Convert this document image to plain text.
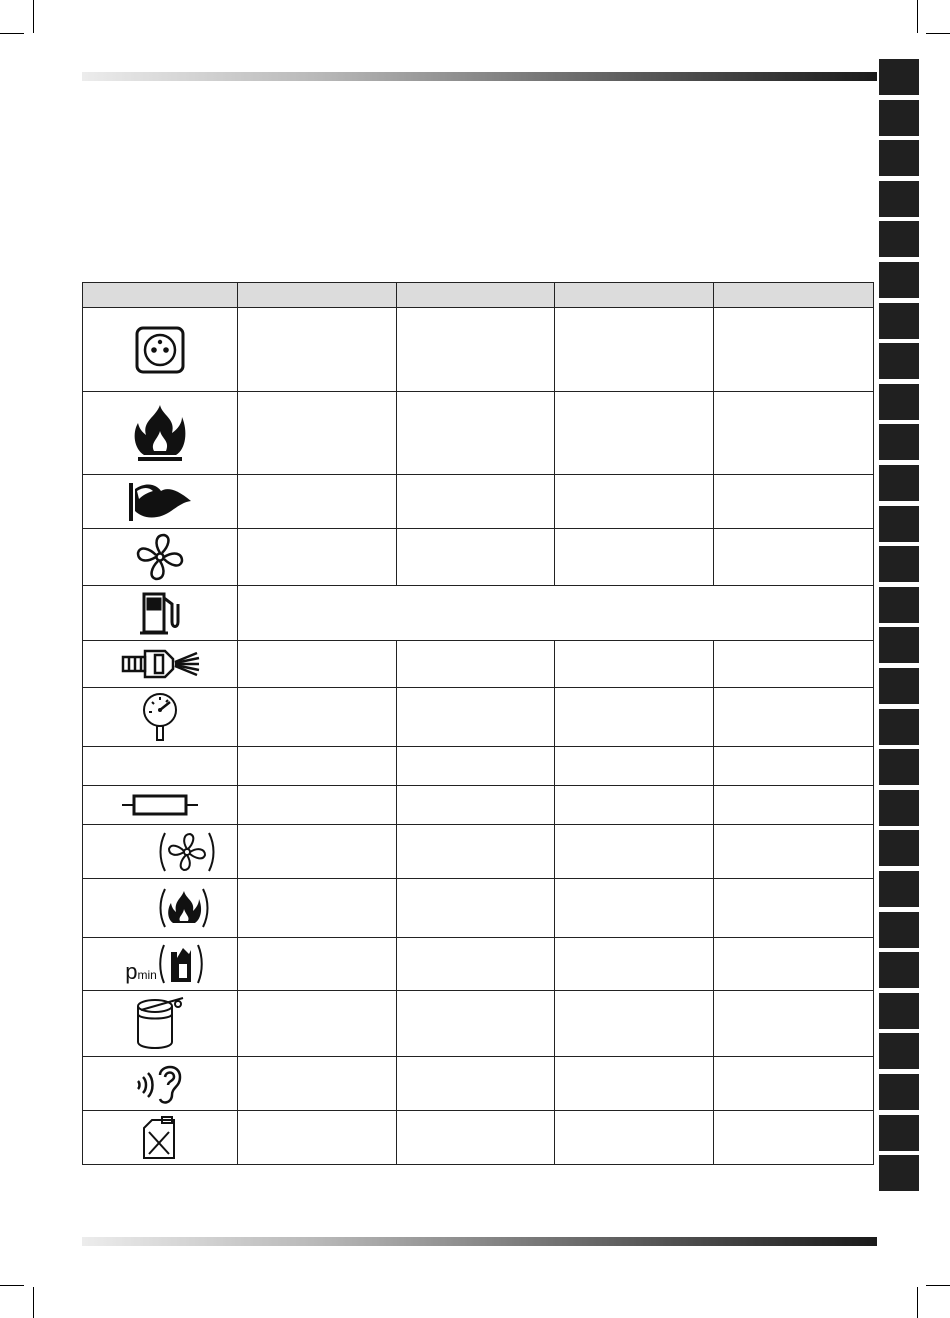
pmin				
